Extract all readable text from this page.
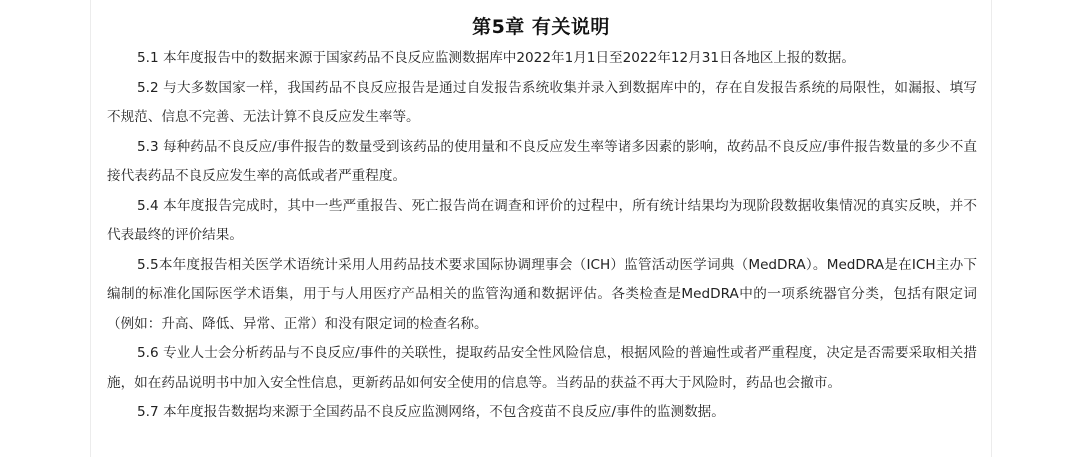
第5章 有关说明

5.1 本年度报告中的数据来源于国家药品不良反应监测数据库中2022年1月1日至2022年12月31日各地区上报的数据。

5.2 与大多数国家一样，我国药品不良反应报告是通过自发报告系统收集并录入到数据库中的，存在自发报告系统的局限性，如漏报、填写不规范、信息不完善、无法计算不良反应发生率等。

5.3 每种药品不良反应/事件报告的数量受到该药品的使用量和不良反应发生率等诸多因素的影响，故药品不良反应/事件报告数量的多少不直接代表药品不良反应发生率的高低或者严重程度。

5.4 本年度报告完成时，其中一些严重报告、死亡报告尚在调查和评价的过程中，所有统计结果均为现阶段数据收集情况的真实反映，并不代表最终的评价结果。

5.5本年度报告相关医学术语统计采用人用药品技术要求国际协调理事会（ICH）监管活动医学词典（MedDRA）。MedDRA是在ICH主办下编制的标准化国际医学术语集，用于与人用医疗产品相关的监管沟通和数据评估。各类检查是MedDRA中的一项系统器官分类，包括有限定词（例如：升高、降低、异常、正常）和没有限定词的检查名称。

5.6 专业人士会分析药品与不良反应/事件的关联性，提取药品安全性风险信息，根据风险的普遍性或者严重程度，决定是否需要采取相关措施，如在药品说明书中加入安全性信息，更新药品如何安全使用的信息等。当药品的获益不再大于风险时，药品也会撤市。

5.7 本年度报告数据均来源于全国药品不良反应监测网络，不包含疫苗不良反应/事件的监测数据。
